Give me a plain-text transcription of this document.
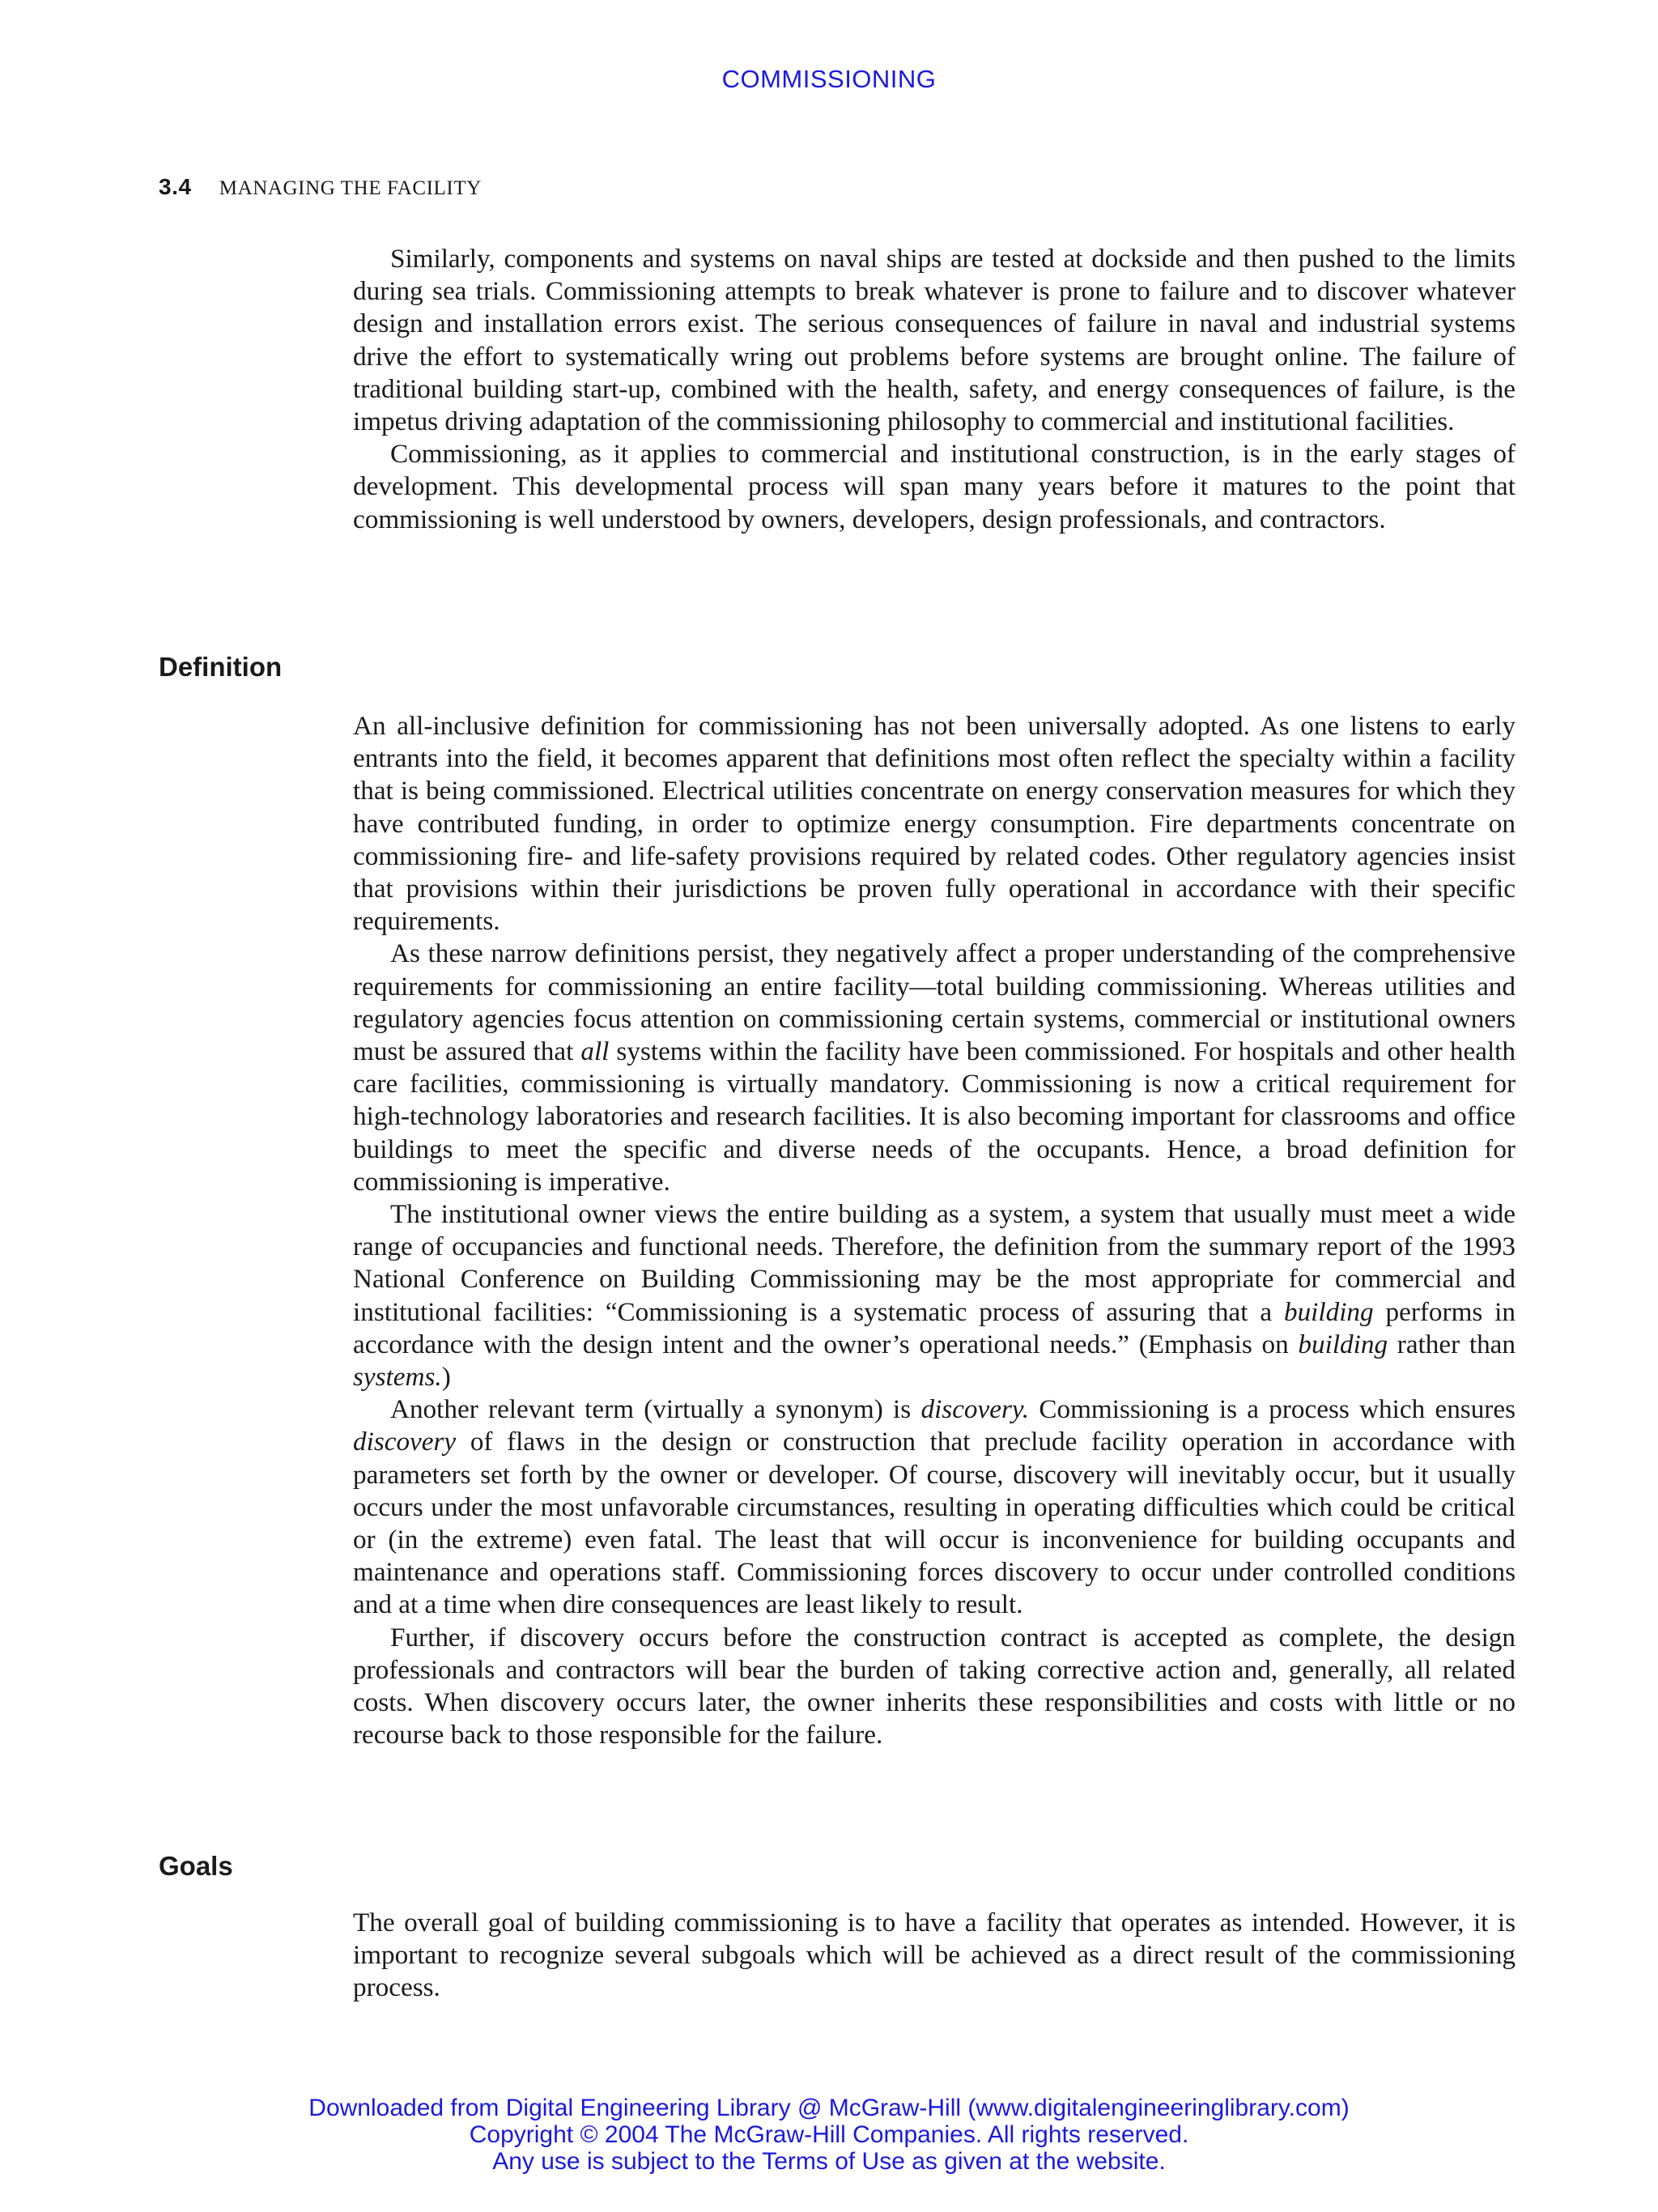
COMMISSIONING
3.4 MANAGING THE FACILITY

Similarly, components and systems on naval ships are tested at dockside and then pushed to the limits during sea trials. Commissioning attempts to break whatever is prone to failure and to discover whatever design and installation errors exist. The serious consequences of failure in naval and industrial systems drive the effort to systematically wring out problems before systems are brought online. The failure of traditional building start-up, combined with the health, safety, and energy consequences of failure, is the impetus driving adaptation of the commissioning philosophy to commercial and institutional facilities.

Commissioning, as it applies to commercial and institutional construction, is in the early stages of development. This developmental process will span many years before it matures to the point that commissioning is well understood by owners, developers, design professionals, and contractors.

Definition

An all-inclusive definition for commissioning has not been universally adopted. As one listens to early entrants into the field, it becomes apparent that definitions most often reflect the specialty within a facility that is being commissioned. Electrical utilities concentrate on energy conservation measures for which they have contributed funding, in order to optimize energy consumption. Fire departments concentrate on commissioning fire- and life-safety provisions required by related codes. Other regulatory agencies insist that provisions within their jurisdictions be proven fully operational in accordance with their specific requirements.

As these narrow definitions persist, they negatively affect a proper understanding of the comprehensive requirements for commissioning an entire facility—total building commissioning. Whereas utilities and regulatory agencies focus attention on commissioning certain systems, commercial or institutional owners must be assured that all systems within the facility have been commissioned. For hospitals and other health care facilities, commissioning is virtually mandatory. Commissioning is now a critical requirement for high-technology laboratories and research facilities. It is also becoming important for classrooms and office buildings to meet the specific and diverse needs of the occupants. Hence, a broad definition for commissioning is imperative.

The institutional owner views the entire building as a system, a system that usually must meet a wide range of occupancies and functional needs. Therefore, the definition from the summary report of the 1993 National Conference on Building Commissioning may be the most appropriate for commercial and institutional facilities: “Commissioning is a systematic process of assuring that a building performs in accordance with the design intent and the owner’s operational needs.” (Emphasis on building rather than systems.)

Another relevant term (virtually a synonym) is discovery. Commissioning is a process which ensures discovery of flaws in the design or construction that preclude facility operation in accordance with parameters set forth by the owner or developer. Of course, discovery will inevitably occur, but it usually occurs under the most unfavorable circumstances, resulting in operating difficulties which could be critical or (in the extreme) even fatal. The least that will occur is inconvenience for building occupants and maintenance and operations staff. Commissioning forces discovery to occur under controlled conditions and at a time when dire consequences are least likely to result.

Further, if discovery occurs before the construction contract is accepted as complete, the design professionals and contractors will bear the burden of taking corrective action and, generally, all related costs. When discovery occurs later, the owner inherits these responsibilities and costs with little or no recourse back to those responsible for the failure.

Goals

The overall goal of building commissioning is to have a facility that operates as intended. However, it is important to recognize several subgoals which will be achieved as a direct result of the commissioning process.

Downloaded from Digital Engineering Library @ McGraw-Hill (www.digitalengineeringlibrary.com)
Copyright © 2004 The McGraw-Hill Companies. All rights reserved.
Any use is subject to the Terms of Use as given at the website.
